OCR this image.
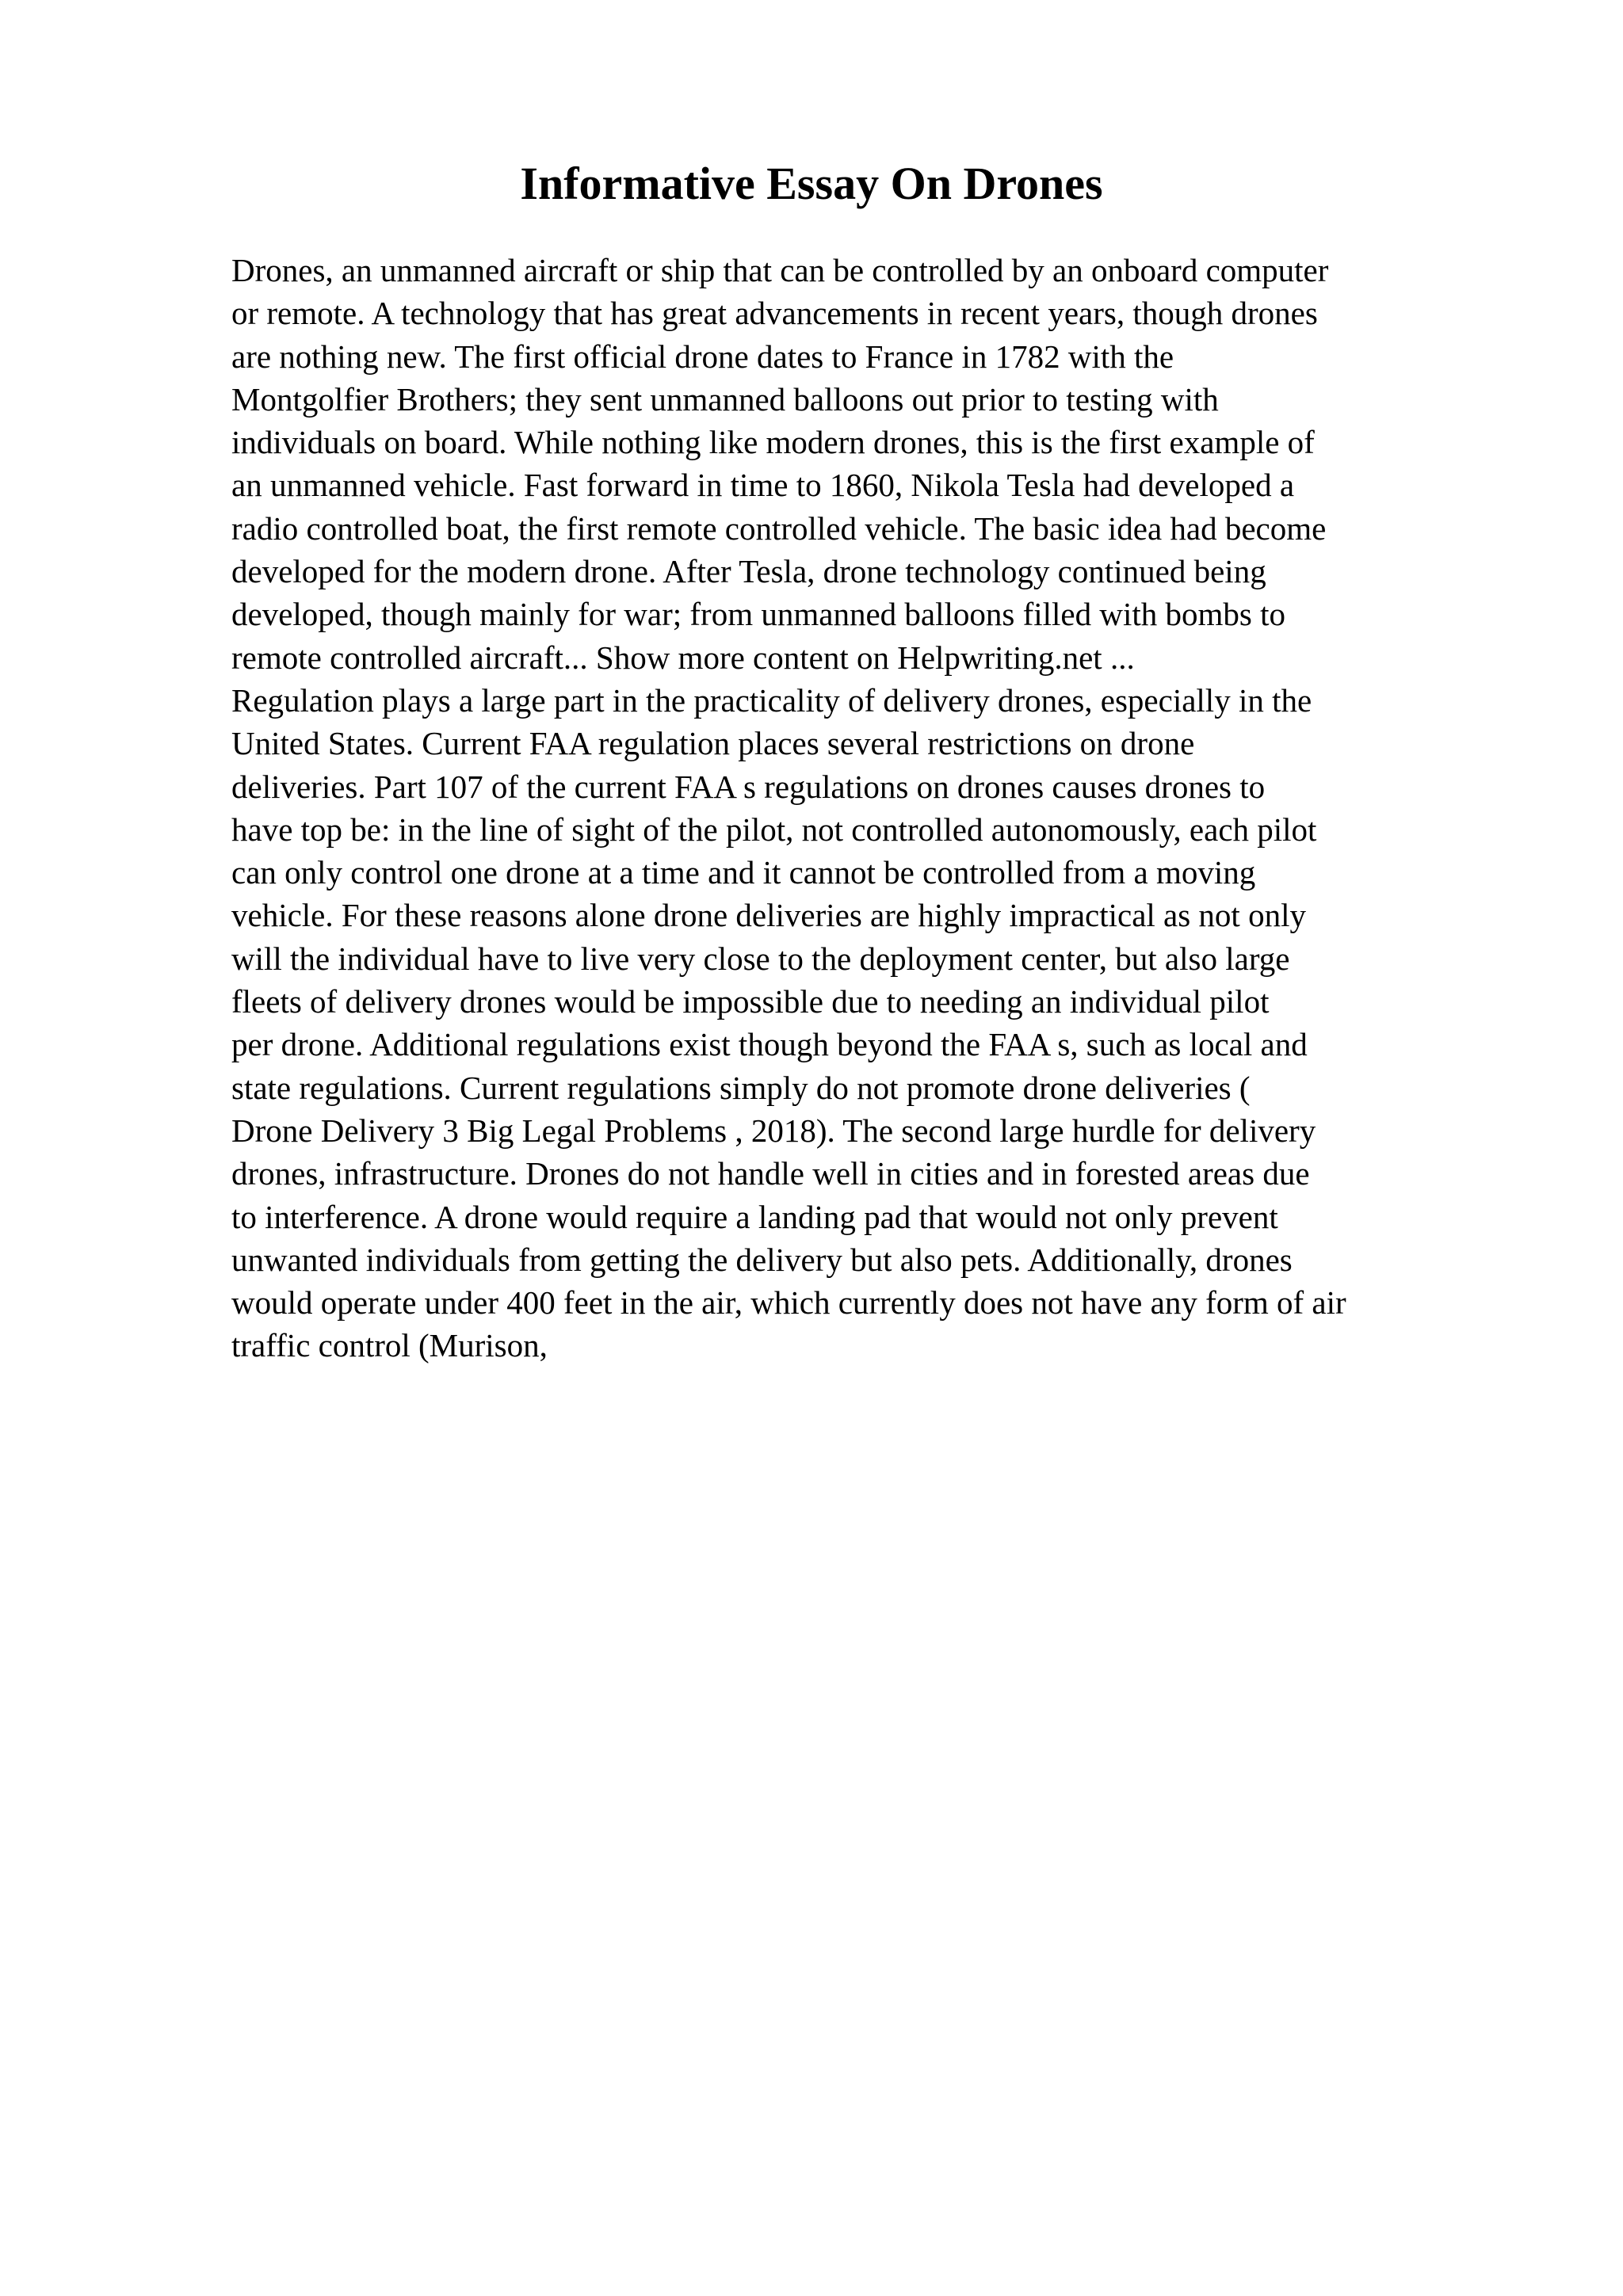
Informative Essay On Drones
Drones, an unmanned aircraft or ship that can be controlled by an onboard computer
or remote. A technology that has great advancements in recent years, though drones
are nothing new. The first official drone dates to France in 1782 with the
Montgolfier Brothers; they sent unmanned balloons out prior to testing with
individuals on board. While nothing like modern drones, this is the first example of
an unmanned vehicle. Fast forward in time to 1860, Nikola Tesla had developed a
radio controlled boat, the first remote controlled vehicle. The basic idea had become
developed for the modern drone. After Tesla, drone technology continued being
developed, though mainly for war; from unmanned balloons filled with bombs to
remote controlled aircraft... Show more content on Helpwriting.net ...
Regulation plays a large part in the practicality of delivery drones, especially in the
United States. Current FAA regulation places several restrictions on drone
deliveries. Part 107 of the current FAA s regulations on drones causes drones to
have top be: in the line of sight of the pilot, not controlled autonomously, each pilot
can only control one drone at a time and it cannot be controlled from a moving
vehicle. For these reasons alone drone deliveries are highly impractical as not only
will the individual have to live very close to the deployment center, but also large
fleets of delivery drones would be impossible due to needing an individual pilot
per drone. Additional regulations exist though beyond the FAA s, such as local and
state regulations. Current regulations simply do not promote drone deliveries (
Drone Delivery 3 Big Legal Problems , 2018). The second large hurdle for delivery
drones, infrastructure. Drones do not handle well in cities and in forested areas due
to interference. A drone would require a landing pad that would not only prevent
unwanted individuals from getting the delivery but also pets. Additionally, drones
would operate under 400 feet in the air, which currently does not have any form of air
traffic control (Murison,
